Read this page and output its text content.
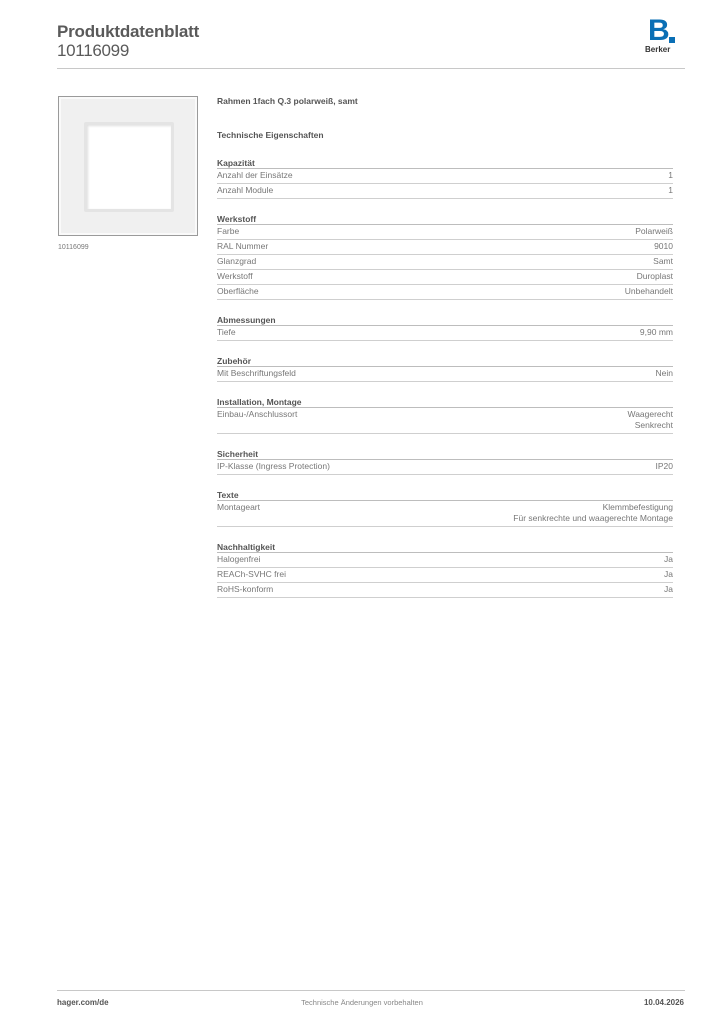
Produktdatenblatt
10116099
B
Berker
10116099
Rahmen 1fach Q.3 polarweiß, samt
Technische Eigenschaften
Kapazität
Anzahl der Einsätze	1
Anzahl Module	1
Werkstoff
Farbe	Polarweiß
RAL Nummer	9010
Glanzgrad	Samt
Werkstoff	Duroplast
Oberfläche	Unbehandelt
Abmessungen
Tiefe	9,90 mm
Zubehör
Mit Beschriftungsfeld	Nein
Installation, Montage
Einbau-/Anschlussort	Waagerecht
Senkrecht
Sicherheit
IP-Klasse (Ingress Protection)	IP20
Texte
Montageart	Klemmbefestigung
Für senkrechte und waagerechte Montage
Nachhaltigkeit
Halogenfrei	Ja
REACh-SVHC frei	Ja
RoHS-konform	Ja
hager.com/de	Technische Änderungen vorbehalten	10.04.2026
